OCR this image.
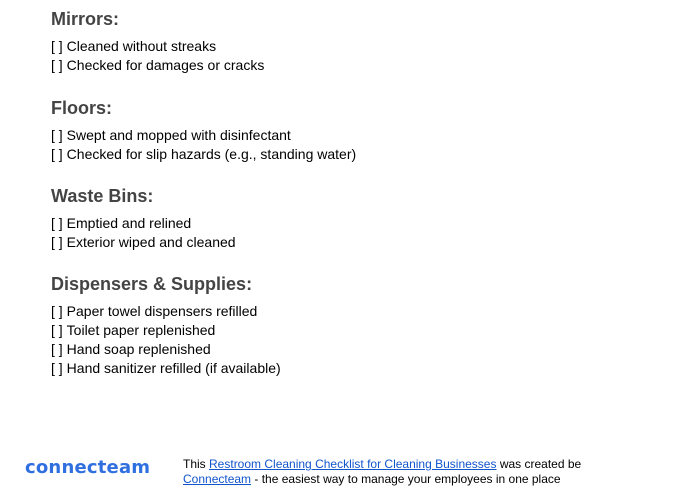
Mirrors:
[ ] Cleaned without streaks
[ ] Checked for damages or cracks
Floors:
[ ] Swept and mopped with disinfectant
[ ] Checked for slip hazards (e.g., standing water)
Waste Bins:
[ ] Emptied and relined
[ ] Exterior wiped and cleaned
Dispensers & Supplies:
[ ] Paper towel dispensers refilled
[ ] Toilet paper replenished
[ ] Hand soap replenished
[ ] Hand sanitizer refilled (if available)
connecteam	This Restroom Cleaning Checklist for Cleaning Businesses was created be
Connecteam - the easiest way to manage your employees in one place
